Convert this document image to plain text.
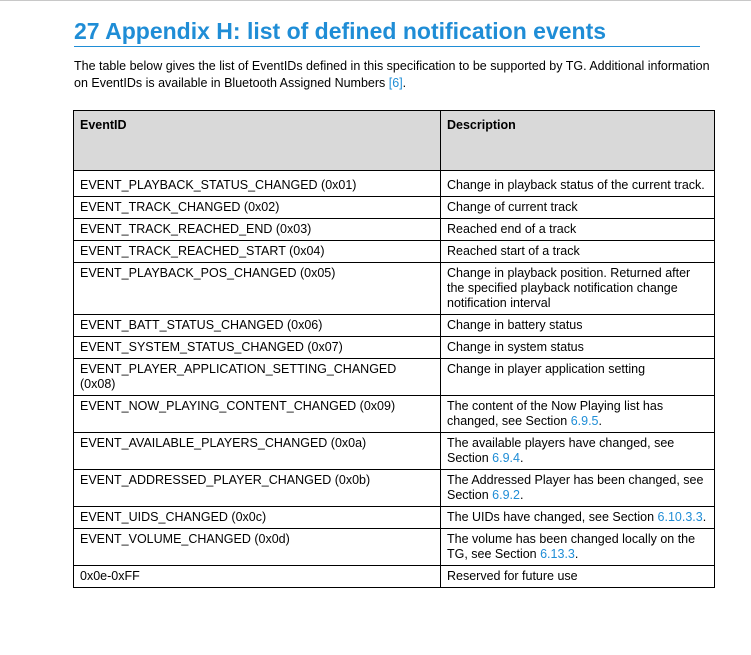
27 Appendix H: list of defined notification events

The table below gives the list of EventIDs defined in this specification to be supported by TG. Additional information on EventIDs is available in Bluetooth Assigned Numbers [6].

EventID	Description
EVENT_PLAYBACK_STATUS_CHANGED (0x01)	Change in playback status of the current track.
EVENT_TRACK_CHANGED (0x02)	Change of current track
EVENT_TRACK_REACHED_END (0x03)	Reached end of a track
EVENT_TRACK_REACHED_START (0x04)	Reached start of a track
EVENT_PLAYBACK_POS_CHANGED (0x05)	Change in playback position. Returned after the specified playback notification change notification interval
EVENT_BATT_STATUS_CHANGED (0x06)	Change in battery status
EVENT_SYSTEM_STATUS_CHANGED (0x07)	Change in system status
EVENT_PLAYER_APPLICATION_SETTING_CHANGED (0x08)	Change in player application setting
EVENT_NOW_PLAYING_CONTENT_CHANGED (0x09)	The content of the Now Playing list has changed, see Section 6.9.5.
EVENT_AVAILABLE_PLAYERS_CHANGED (0x0a)	The available players have changed, see Section 6.9.4.
EVENT_ADDRESSED_PLAYER_CHANGED (0x0b)	The Addressed Player has been changed, see Section 6.9.2.
EVENT_UIDS_CHANGED (0x0c)	The UIDs have changed, see Section 6.10.3.3.
EVENT_VOLUME_CHANGED (0x0d)	The volume has been changed locally on the TG, see Section 6.13.3.
0x0e-0xFF	Reserved for future use
